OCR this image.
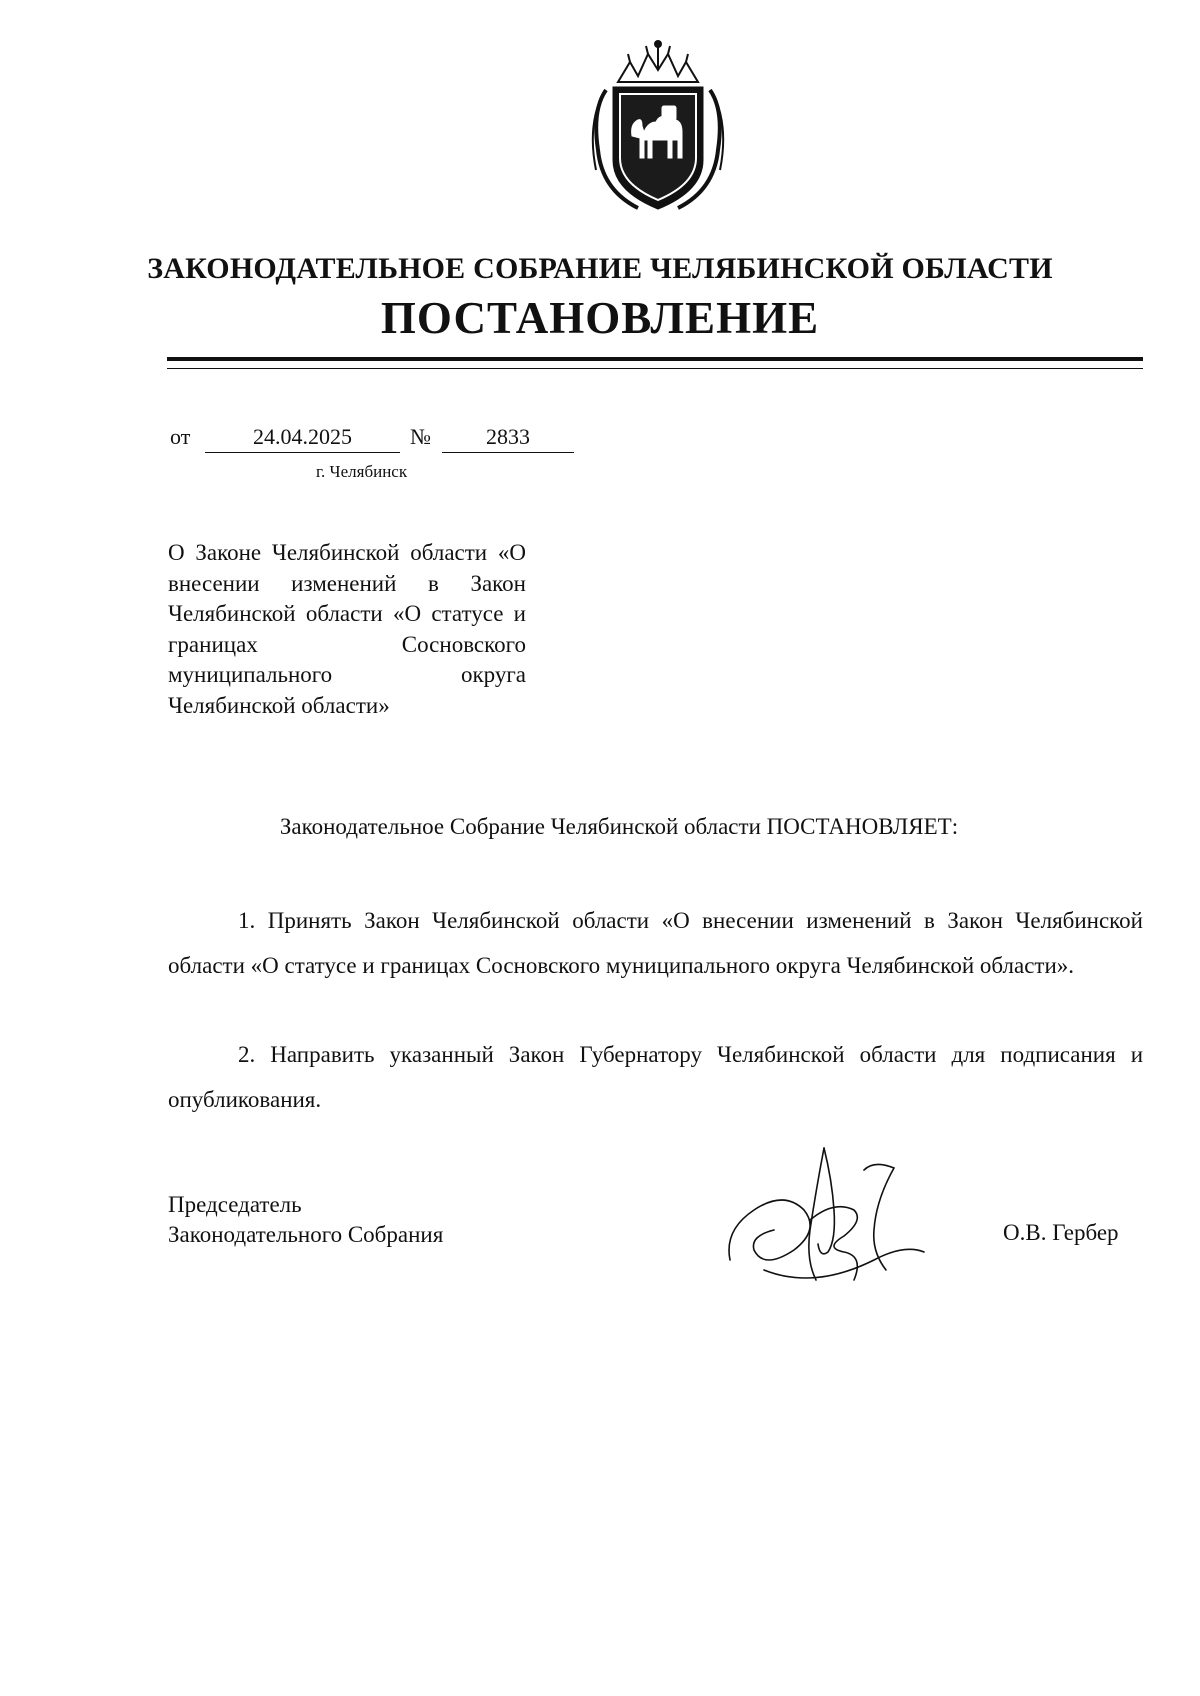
ЗАКОНОДАТЕЛЬНОЕ СОБРАНИЕ ЧЕЛЯБИНСКОЙ ОБЛАСТИ
ПОСТАНОВЛЕНИЕ
от	24.04.2025	№	2833
г. Челябинск
О Законе Челябинской области «О внесении изменений в Закон Челябинской области «О статусе и границах Сосновского муниципального округа Челябинской области»
Законодательное Собрание Челябинской области ПОСТАНОВЛЯЕТ:
1. Принять Закон Челябинской области «О внесении изменений в Закон Челябинской области «О статусе и границах Сосновского муниципального округа Челябинской области».
2. Направить указанный Закон Губернатору Челябинской области для подписания и опубликования.
Председатель
Законодательного Собрания	О.В. Гербер
